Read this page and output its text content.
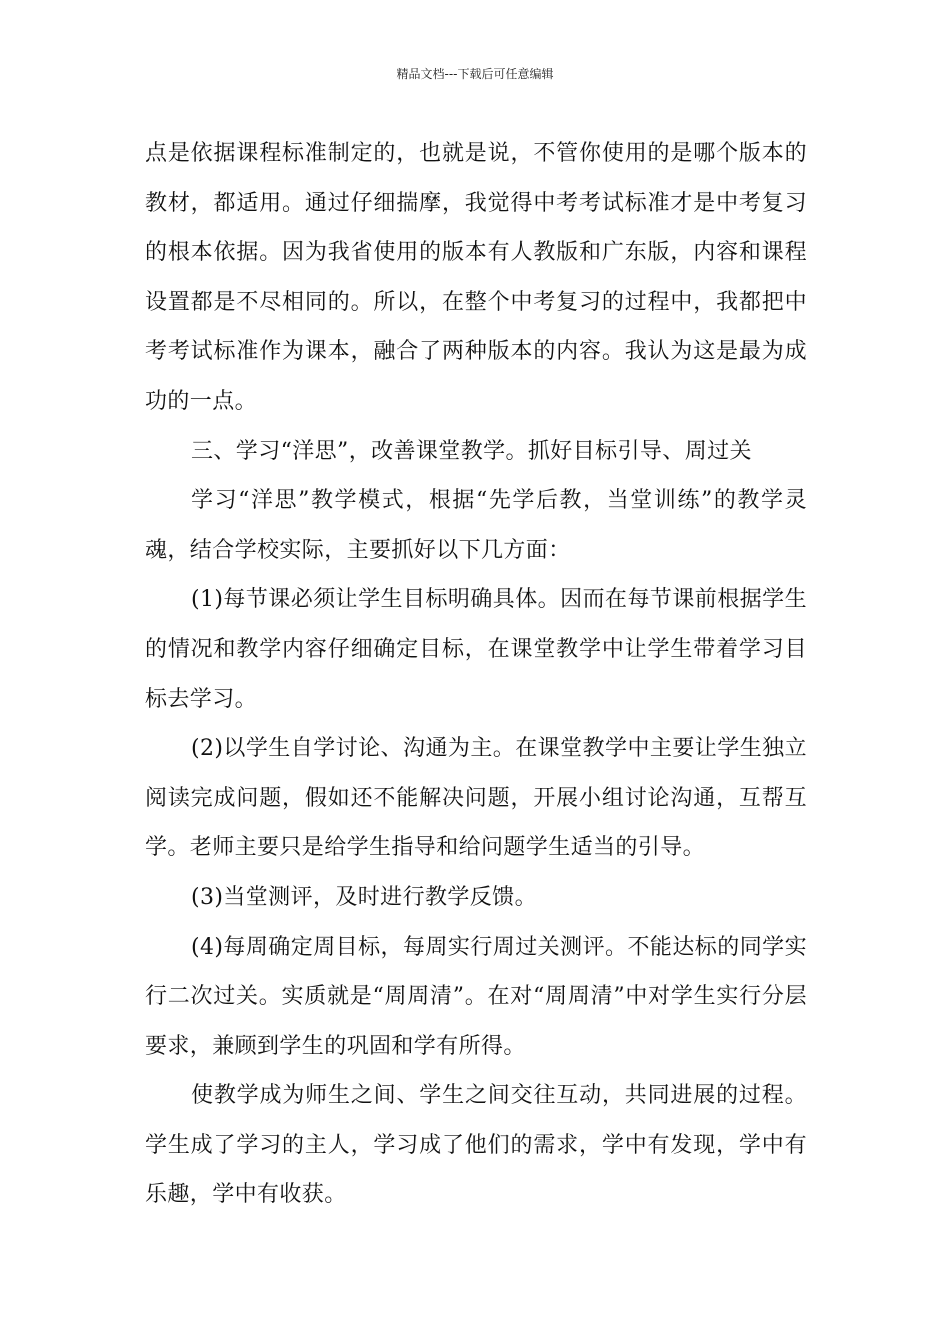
精品文档---下载后可任意编辑

点是依据课程标准制定的，也就是说，不管你使用的是哪个版本的教材，都适用。通过仔细揣摩，我觉得中考考试标准才是中考复习的根本依据。因为我省使用的版本有人教版和广东版，内容和课程设置都是不尽相同的。所以，在整个中考复习的过程中，我都把中考考试标准作为课本，融合了两种版本的内容。我认为这是最为成功的一点。

三、学习“洋思”，改善课堂教学。抓好目标引导、周过关

学习“洋思”教学模式，根据“先学后教，当堂训练”的教学灵魂，结合学校实际，主要抓好以下几方面：

(1)每节课必须让学生目标明确具体。因而在每节课前根据学生的情况和教学内容仔细确定目标，在课堂教学中让学生带着学习目标去学习。

(2)以学生自学讨论、沟通为主。在课堂教学中主要让学生独立阅读完成问题，假如还不能解决问题，开展小组讨论沟通，互帮互学。老师主要只是给学生指导和给问题学生适当的引导。

(3)当堂测评，及时进行教学反馈。

(4)每周确定周目标，每周实行周过关测评。不能达标的同学实行二次过关。实质就是“周周清”。在对“周周清”中对学生实行分层要求，兼顾到学生的巩固和学有所得。

使教学成为师生之间、学生之间交往互动，共同进展的过程。学生成了学习的主人，学习成了他们的需求，学中有发现，学中有乐趣，学中有收获。
